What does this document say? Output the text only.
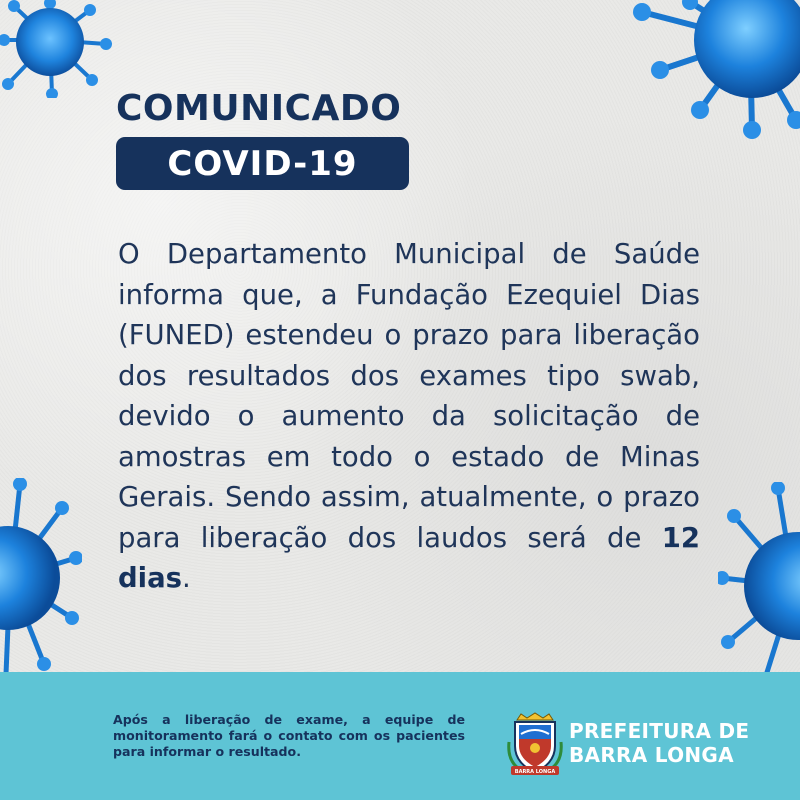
COMUNICADO
COVID-19

O Departamento Municipal de Saúde informa que, a Fundação Ezequiel Dias (FUNED) estendeu o prazo para liberação dos resultados dos exames tipo swab, devido o aumento da solicitação de amostras em todo o estado de Minas Gerais. Sendo assim, atualmente, o prazo para liberação dos laudos será de 12 dias.

Após a liberação de exame, a equipe de monitoramento fará o contato com os pacientes para informar o resultado.

BARRA LONGA
PREFEITURA DE
BARRA LONGA
